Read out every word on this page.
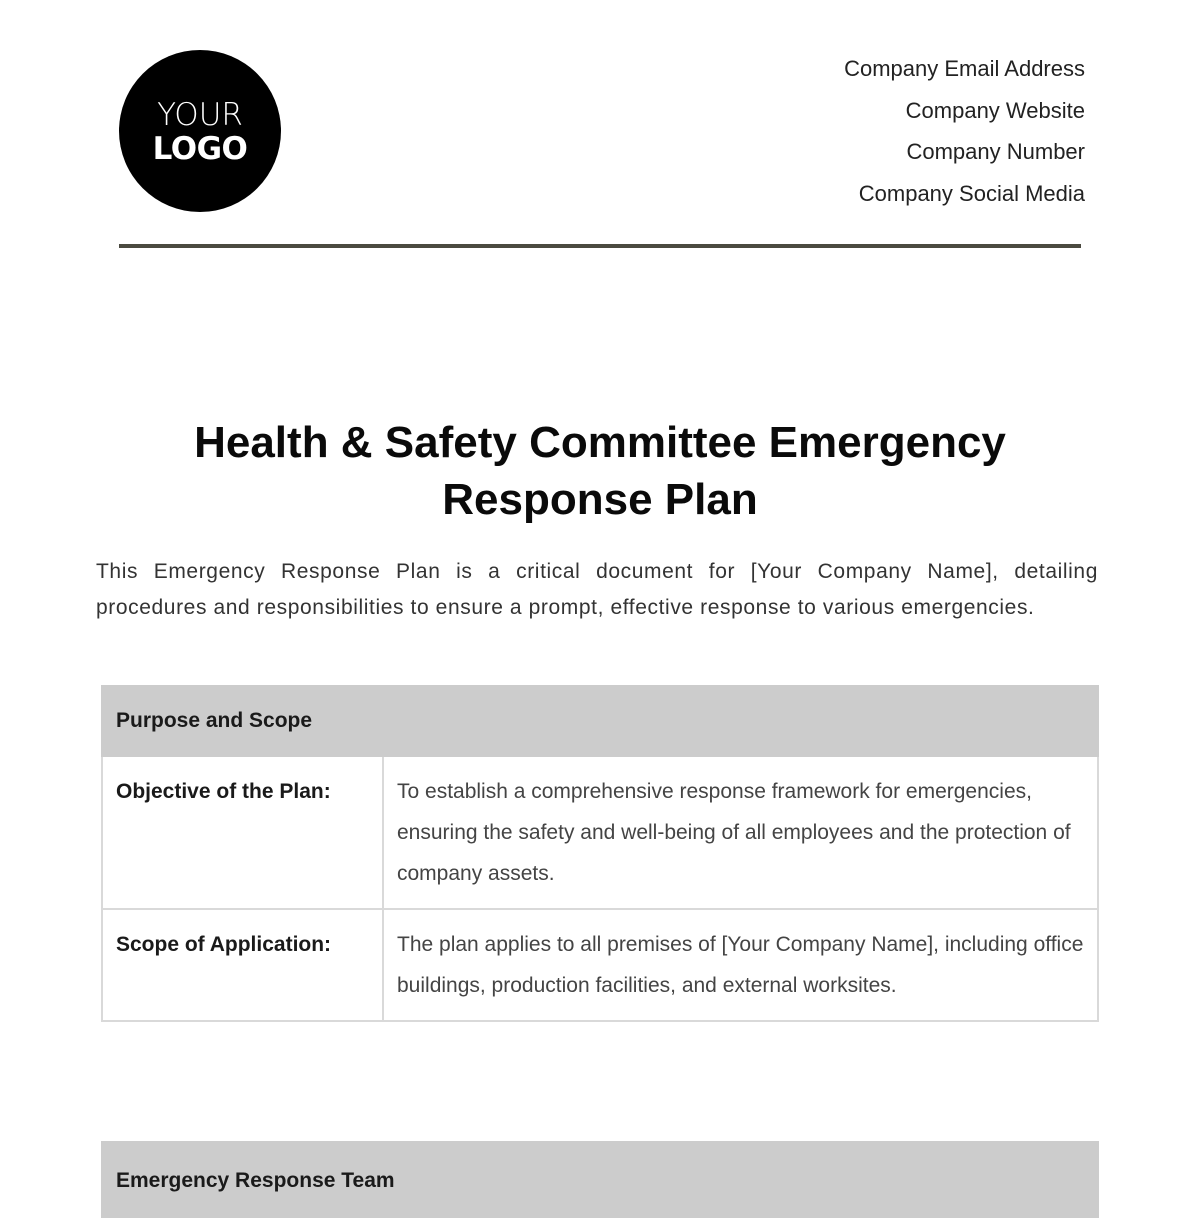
YOUR
LOGO
Company Email Address
Company Website
Company Number
Company Social Media
Health & Safety Committee Emergency Response Plan

This Emergency Response Plan is a critical document for [Your Company Name], detailing procedures and responsibilities to ensure a prompt, effective response to various emergencies.

Purpose and Scope	
Objective of the Plan:	To establish a comprehensive response framework for emergencies, ensuring the safety and well-being of all employees and the protection of company assets.
Scope of Application:	The plan applies to all premises of [Your Company Name], including office buildings, production facilities, and external worksites.
Emergency Response Team
